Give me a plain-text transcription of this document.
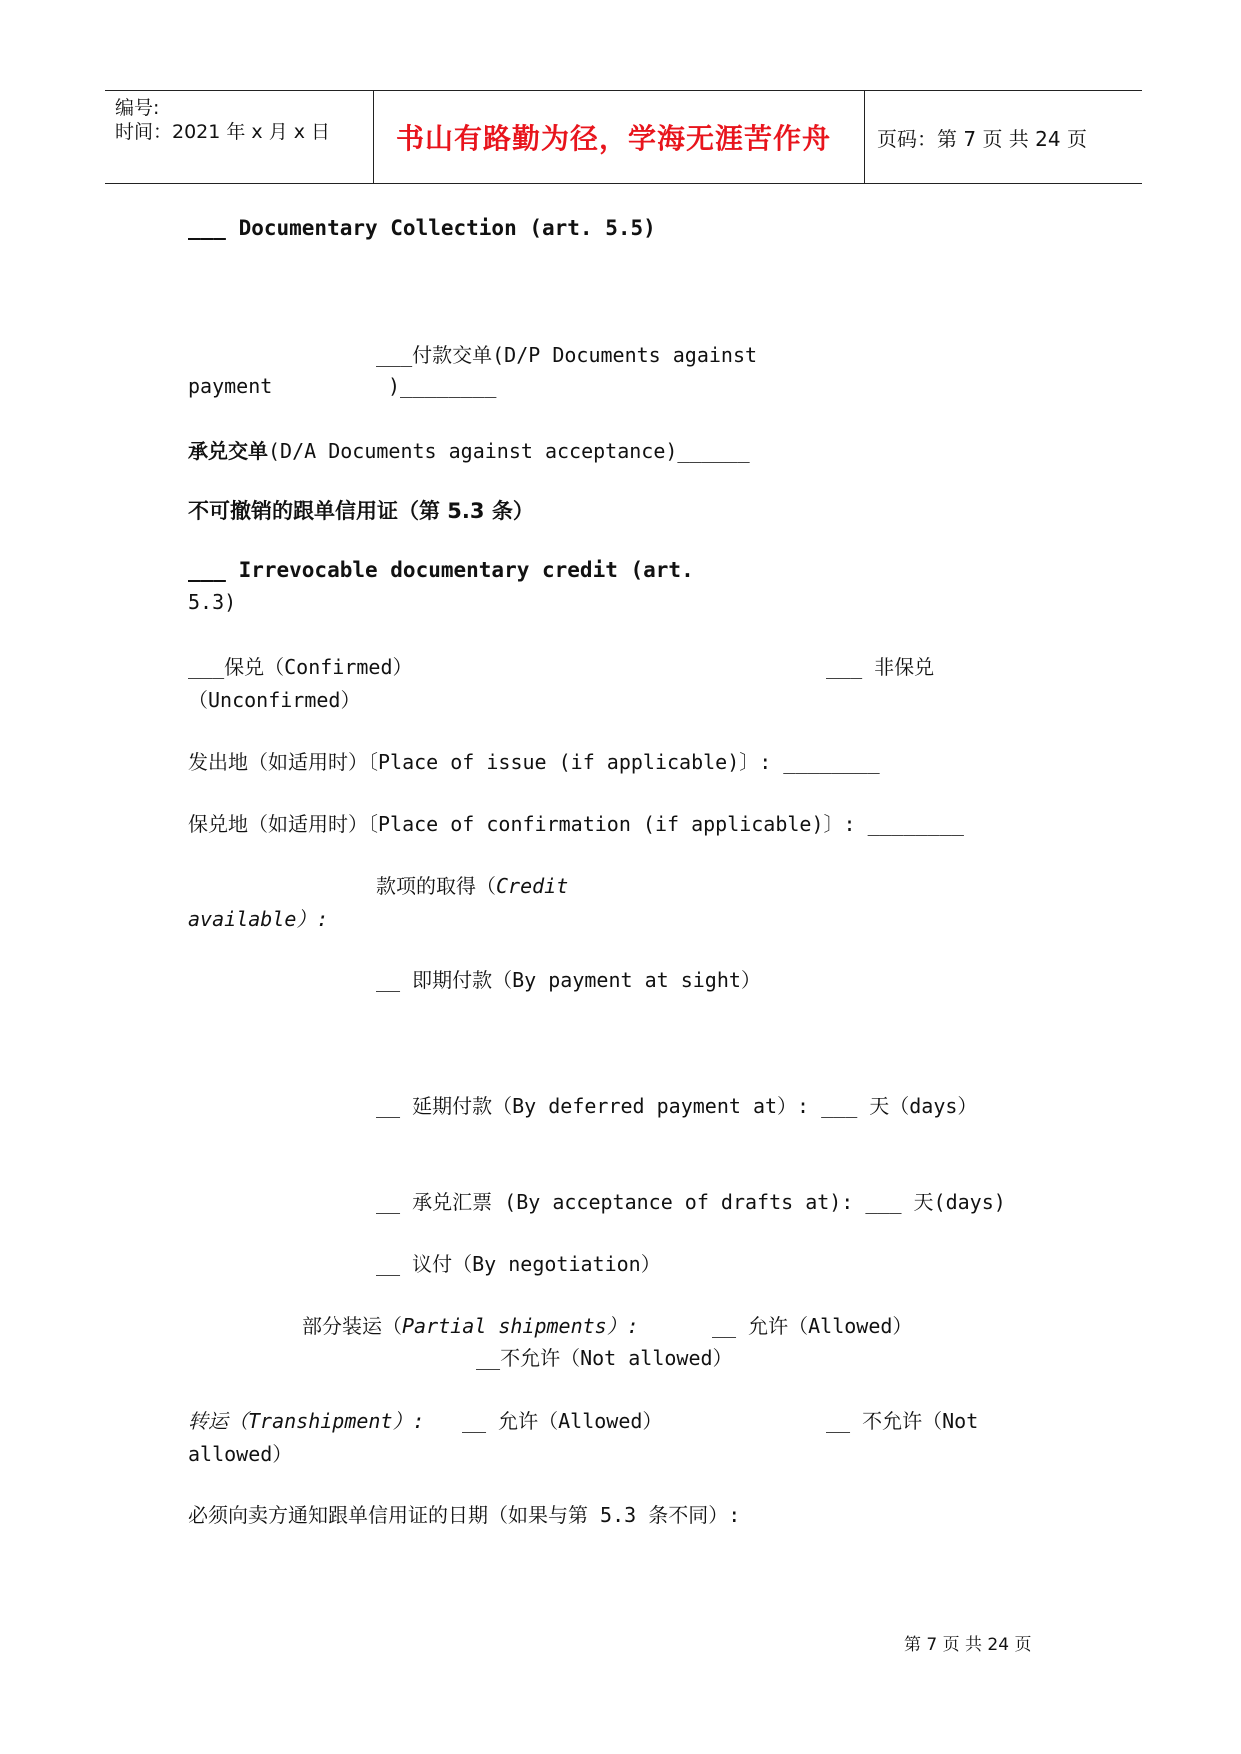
编号:
时间：2021 年 x 月 x 日 书山有路勤为径，学海无涯苦作舟 页码：第 7 页 共 24 页
___ Documentary Collection (art. 5.5)
___付款交单(D/P Documents against
payment	)________
承兑交单(D/A Documents against acceptance)______
不可撤销的跟单信用证（第 5.3 条）
___ Irrevocable documentary credit (art.
5.3)
___保兑（Confirmed）	___ 非保兑
（Unconfirmed）
发出地（如适用时）〔Place of issue (if applicable)〕: ________
保兑地（如适用时）〔Place of confirmation (if applicable)〕: ________
款项的取得（Credit
available）:
__ 即期付款（By payment at sight）
__ 延期付款（By deferred payment at）: ___ 天（days）
__ 承兑汇票 (By acceptance of drafts at): ___ 天(days)
__ 议付（By negotiation）
部分装运（Partial shipments）:	__ 允许（Allowed）
__不允许（Not allowed）
转运（Transhipment）: __ 允许（Allowed）	__ 不允许（Not
allowed）
必须向卖方通知跟单信用证的日期（如果与第 5.3 条不同）:
第 7 页 共 24 页
